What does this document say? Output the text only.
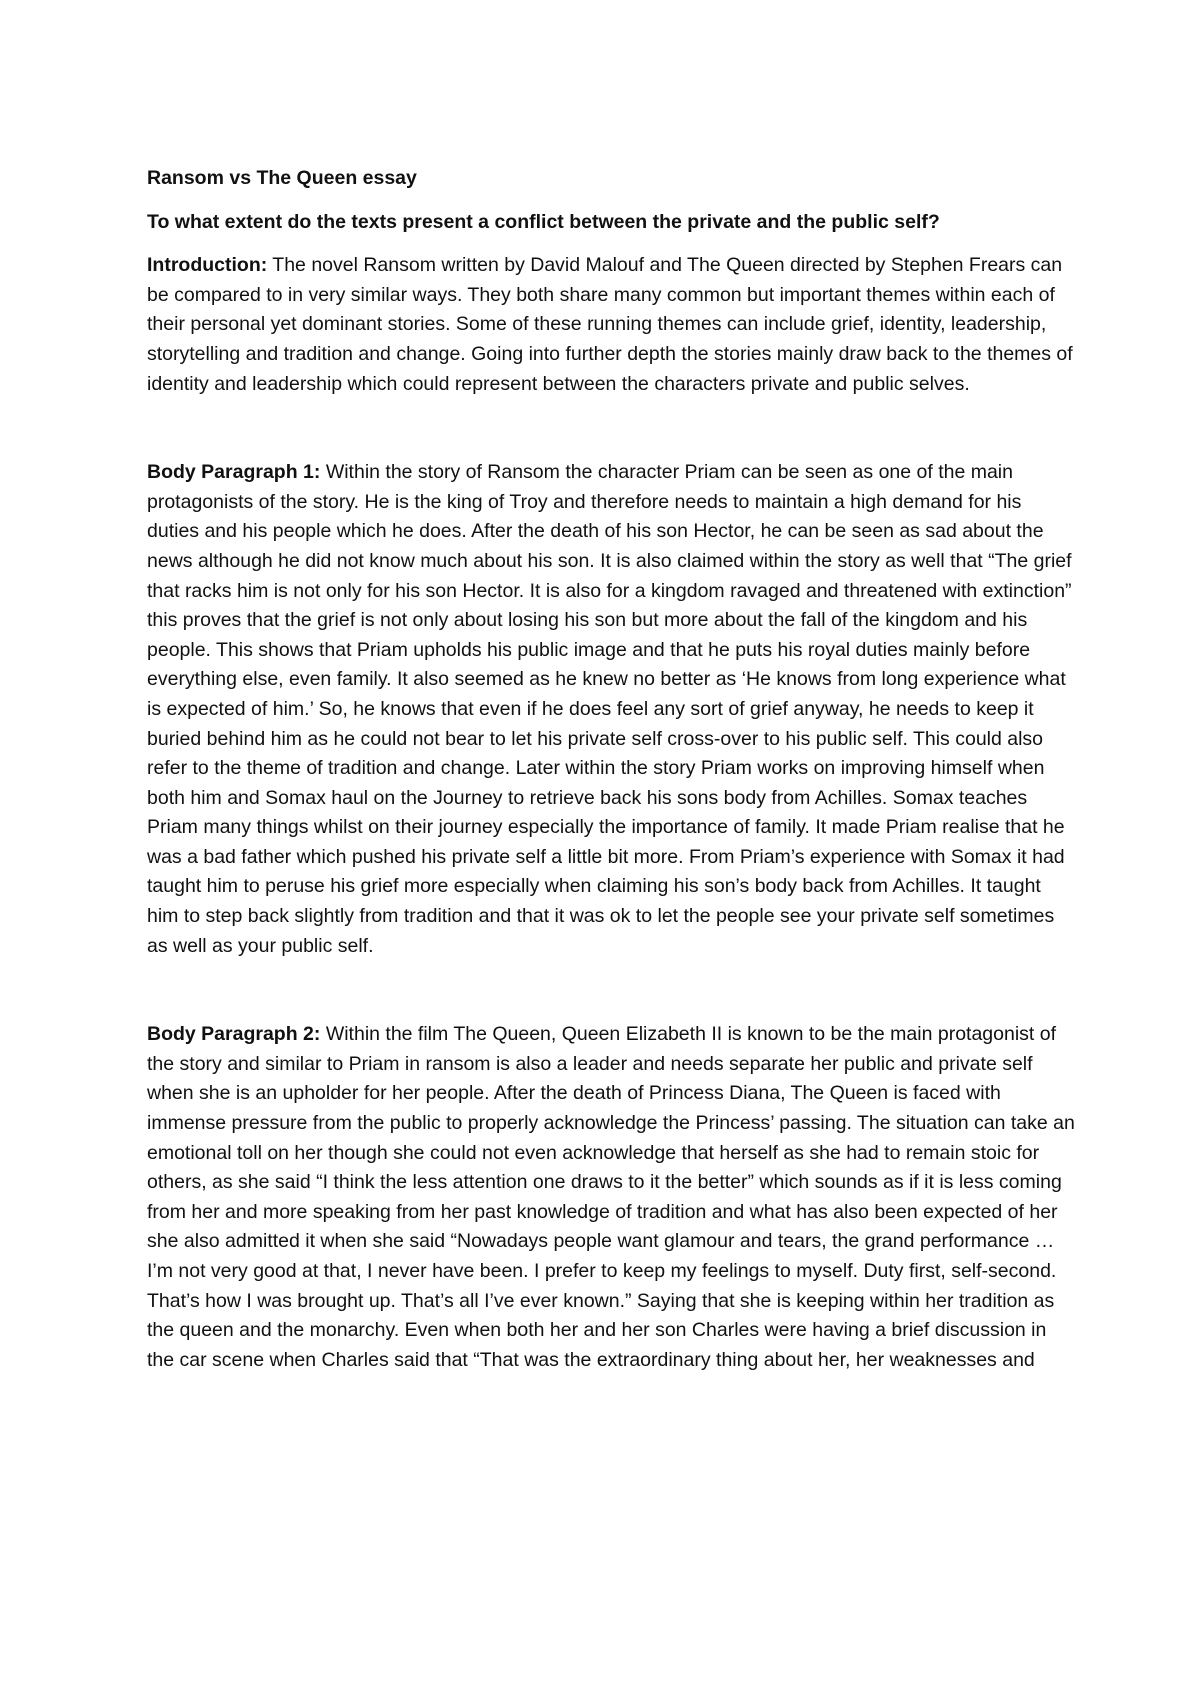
Ransom vs The Queen essay

To what extent do the texts present a conflict between the private and the public self?

Introduction: The novel Ransom written by David Malouf and The Queen directed by Stephen Frears can be compared to in very similar ways. They both share many common but important themes within each of their personal yet dominant stories. Some of these running themes can include grief, identity, leadership, storytelling and tradition and change. Going into further depth the stories mainly draw back to the themes of identity and leadership which could represent between the characters private and public selves.

Body Paragraph 1: Within the story of Ransom the character Priam can be seen as one of the main protagonists of the story. He is the king of Troy and therefore needs to maintain a high demand for his duties and his people which he does. After the death of his son Hector, he can be seen as sad about the news although he did not know much about his son. It is also claimed within the story as well that “The grief that racks him is not only for his son Hector. It is also for a kingdom ravaged and threatened with extinction” this proves that the grief is not only about losing his son but more about the fall of the kingdom and his people. This shows that Priam upholds his public image and that he puts his royal duties mainly before everything else, even family. It also seemed as he knew no better as ‘He knows from long experience what is expected of him.’ So, he knows that even if he does feel any sort of grief anyway, he needs to keep it buried behind him as he could not bear to let his private self cross-over to his public self. This could also refer to the theme of tradition and change. Later within the story Priam works on improving himself when both him and Somax haul on the Journey to retrieve back his sons body from Achilles. Somax teaches Priam many things whilst on their journey especially the importance of family. It made Priam realise that he was a bad father which pushed his private self a little bit more. From Priam’s experience with Somax it had taught him to peruse his grief more especially when claiming his son’s body back from Achilles. It taught him to step back slightly from tradition and that it was ok to let the people see your private self sometimes as well as your public self.

Body Paragraph 2: Within the film The Queen, Queen Elizabeth II is known to be the main protagonist of the story and similar to Priam in ransom is also a leader and needs separate her public and private self when she is an upholder for her people. After the death of Princess Diana, The Queen is faced with immense pressure from the public to properly acknowledge the Princess’ passing. The situation can take an emotional toll on her though she could not even acknowledge that herself as she had to remain stoic for others, as she said “I think the less attention one draws to it the better” which sounds as if it is less coming from her and more speaking from her past knowledge of tradition and what has also been expected of her she also admitted it when she said “Nowadays people want glamour and tears, the grand performance … I’m not very good at that, I never have been. I prefer to keep my feelings to myself. Duty first, self-second. That’s how I was brought up. That’s all I’ve ever known.” Saying that she is keeping within her tradition as the queen and the monarchy. Even when both her and her son Charles were having a brief discussion in the car scene when Charles said that “That was the extraordinary thing about her, her weaknesses and
